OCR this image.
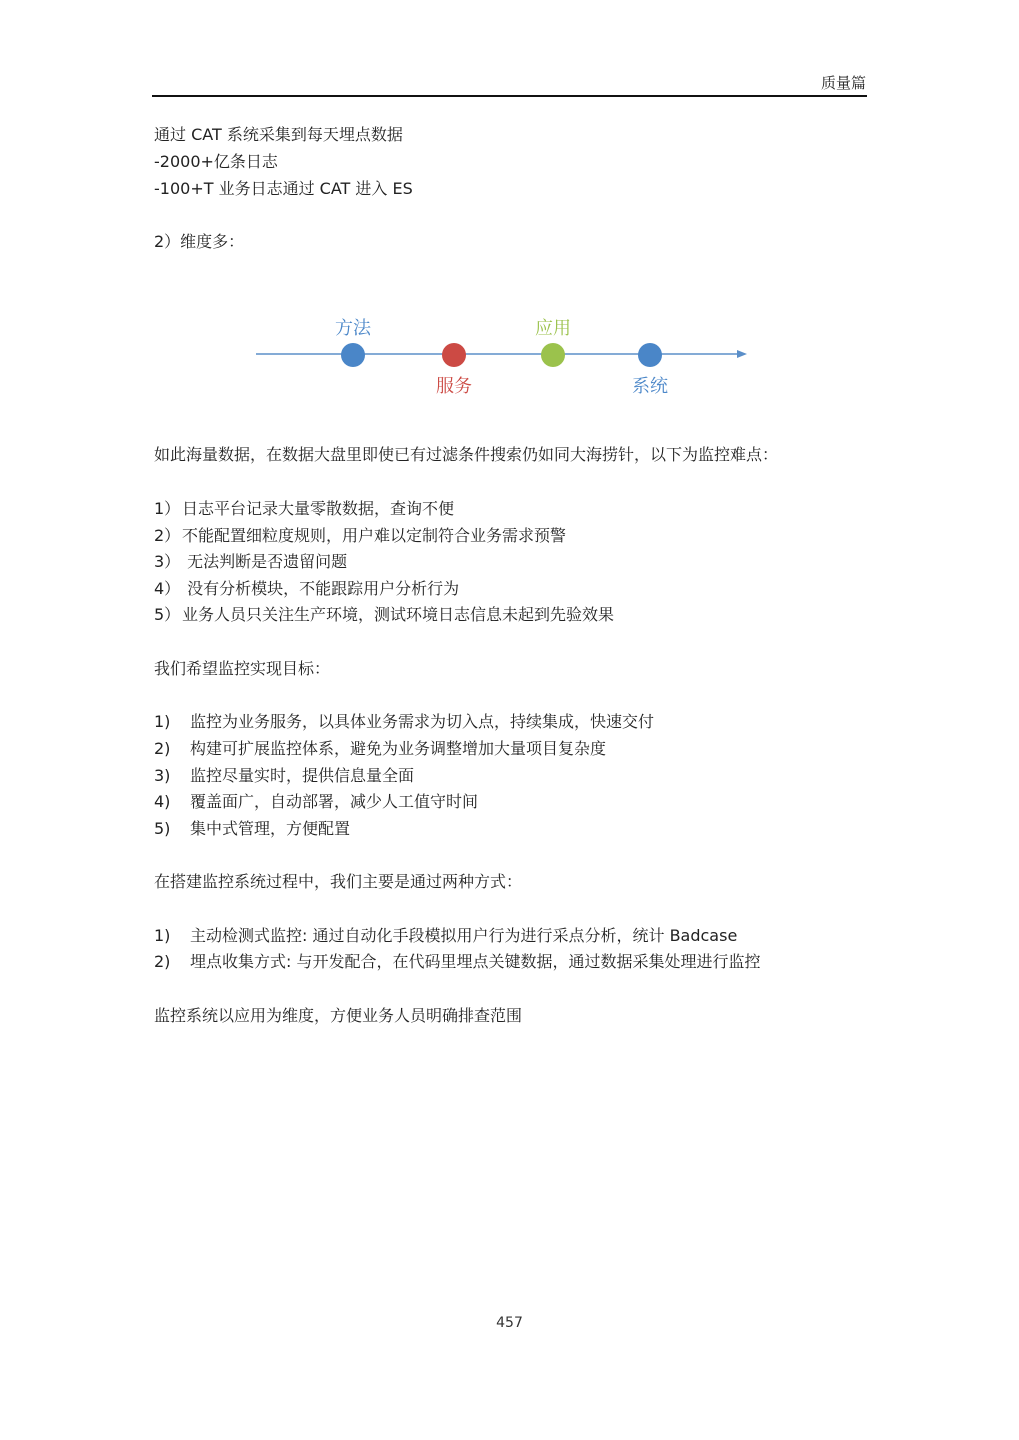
质量篇
通过 CAT 系统采集到每天埋点数据
-2000+亿条日志
-100+T 业务日志通过 CAT 进入 ES
2）维度多：
方法
服务
应用
系统
如此海量数据，在数据大盘里即使已有过滤条件搜索仍如同大海捞针，以下为监控难点：
1） 日志平台记录大量零散数据，查询不便
2） 不能配置细粒度规则，用户难以定制符合业务需求预警
3） 无法判断是否遗留问题
4） 没有分析模块，不能跟踪用户分析行为
5） 业务人员只关注生产环境，测试环境日志信息未起到先验效果
我们希望监控实现目标：
1) 监控为业务服务，以具体业务需求为切入点，持续集成，快速交付
2) 构建可扩展监控体系，避免为业务调整增加大量项目复杂度
3) 监控尽量实时，提供信息量全面
4) 覆盖面广，自动部署，减少人工值守时间
5) 集中式管理，方便配置
在搭建监控系统过程中，我们主要是通过两种方式：
1) 主动检测式监控: 通过自动化手段模拟用户行为进行采点分析，统计 Badcase
2) 埋点收集方式: 与开发配合，在代码里埋点关键数据，通过数据采集处理进行监控
监控系统以应用为维度，方便业务人员明确排查范围
457
